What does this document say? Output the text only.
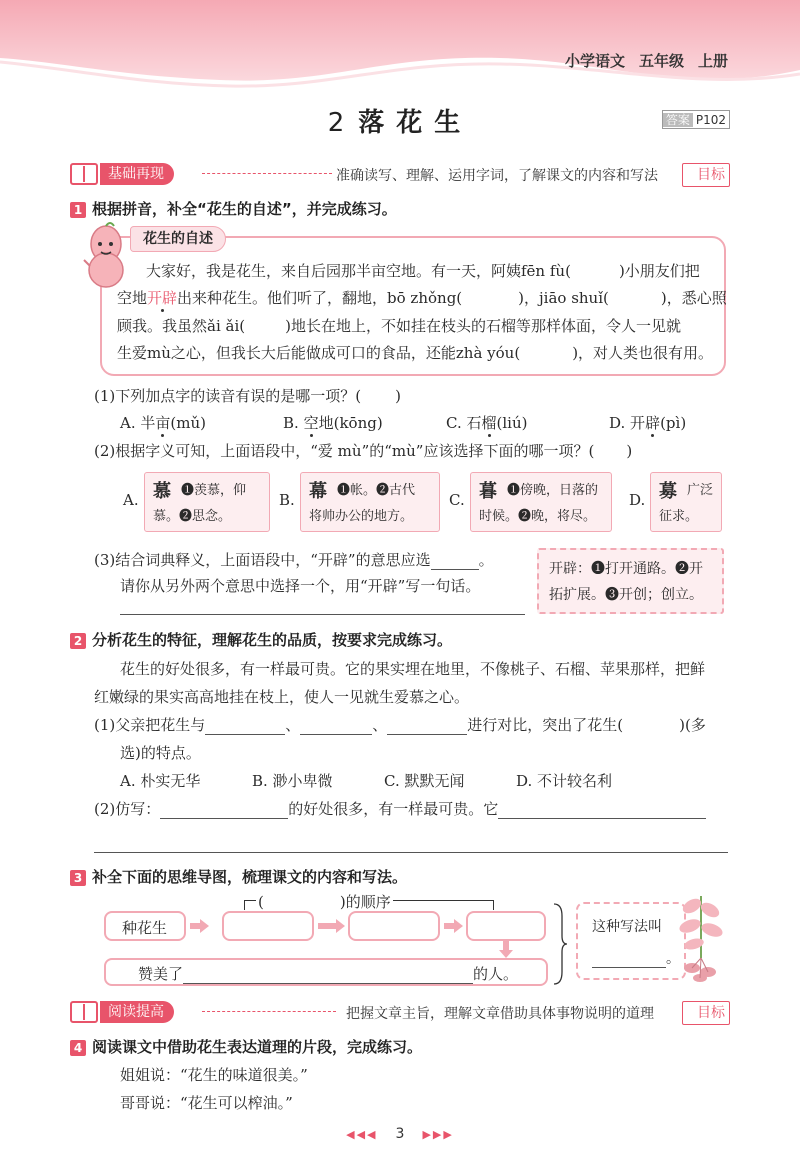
小学语文 五年级 上册
2 落花生	答案 P102
基础再现	准确读写、理解、运用字词，了解课文的内容和写法	目标
1 根据拼音，补全“花生的自述”，并完成练习。
花生的自述
大家好，我是花生，来自后园那半亩空地。有一天，阿姨fēn fù(	)小朋友们把
空地开辟出来种花生。他们听了，翻地，bō zhǒng(	)，jiāo shuǐ(	)，悉心照
顾我。我虽然ǎi ǎi(	)地长在地上，不如挂在枝头的石榴等那样体面，令人一见就
生爱mù之心，但我长大后能做成可口的食品，还能zhà yóu(	)，对人类也很有用。
(1)下列加点字的读音有误的是哪一项？( )
A. 半亩(mǔ)	B. 空地(kōng)	C. 石榴(liú)	D. 开辟(pì)
(2)根据字义可知，上面语段中，“爱 mù”的“mù”应该选择下面的哪一项？( )
A. 慕 ❶羡慕，仰
慕。❷思念。
B. 幕 ❶帐。❷古代
将帅办公的地方。
C. 暮 ❶傍晚，日落的
时候。❷晚，将尽。
D. 募 广泛
征求。
(3)结合词典释义，上面语段中，“开辟”的意思应选	。
请你从另外两个意思中选择一个，用“开辟”写一句话。
开辟：❶打开通路。❷开
拓扩展。❸开创；创立。
2 分析花生的特征，理解花生的品质，按要求完成练习。
花生的好处很多，有一样最可贵。它的果实埋在地里，不像桃子、石榴、苹果那样，把鲜
红嫩绿的果实高高地挂在枝上，使人一见就生爱慕之心。
(1)父亲把花生与	、	、	进行对比，突出了花生(	)(多
选)的特点。
A. 朴实无华	B. 渺小卑微	C. 默默无闻	D. 不计较名利
(2)仿写：	的好处很多，有一样最可贵。它
3 补全下面的思维导图，梳理课文的内容和写法。
(	)的顺序
种花生
赞美了	的人。
这种写法叫
。
阅读提高	把握文章主旨，理解文章借助具体事物说明的道理	目标
4 阅读课文中借助花生表达道理的片段，完成练习。
姐姐说：“花生的味道很美。”
哥哥说：“花生可以榨油。”
◀◀◀ 3 ▶▶▶
